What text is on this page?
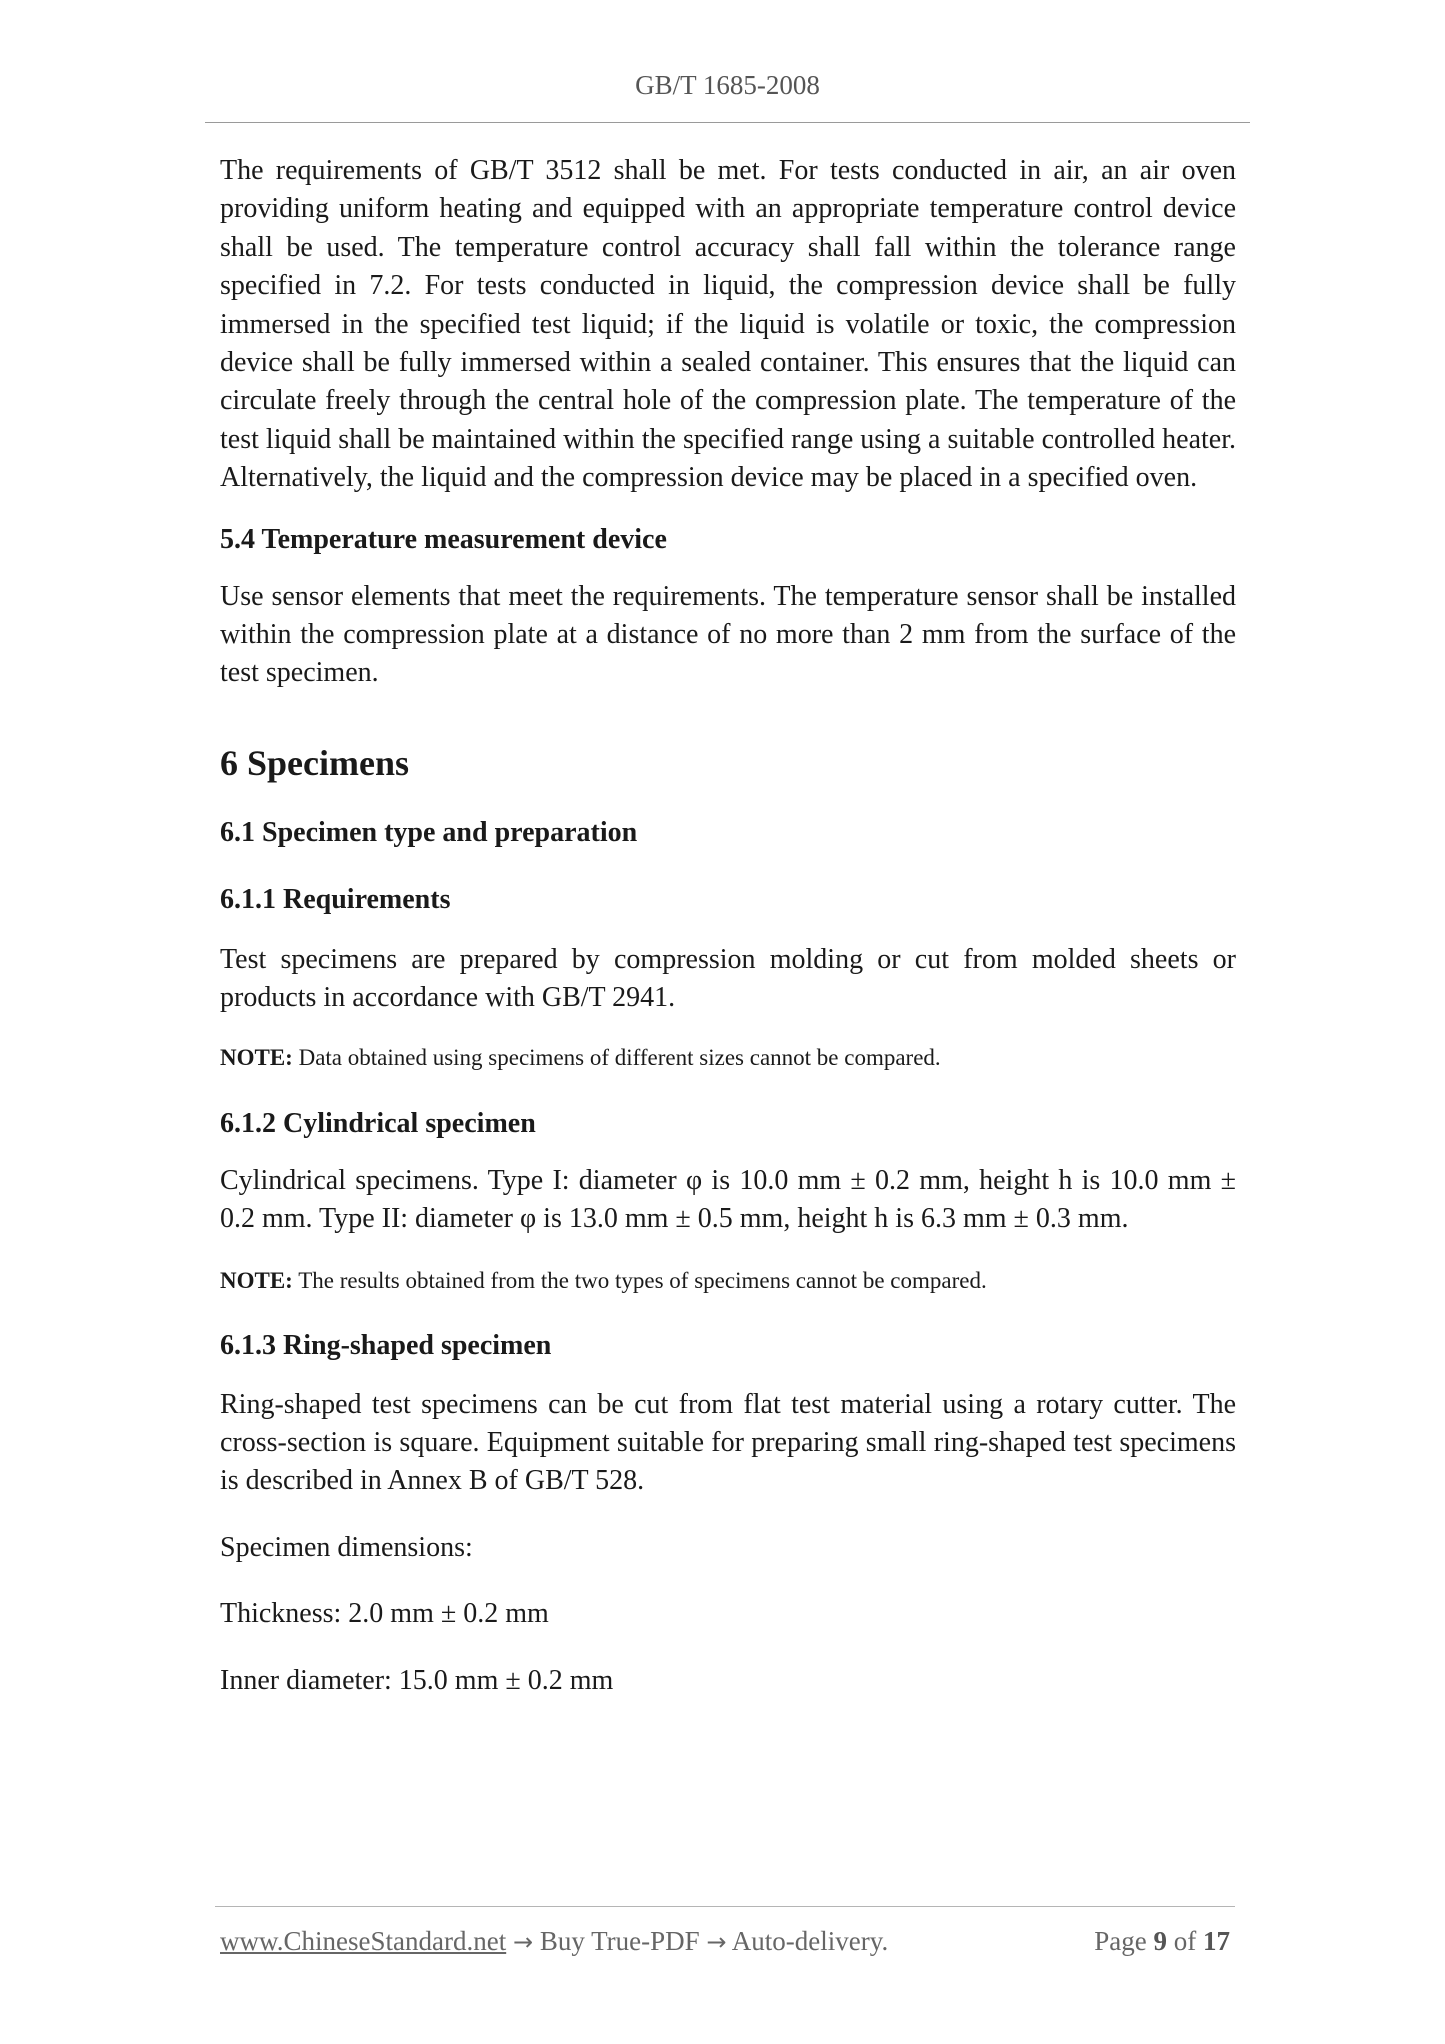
GB/T 1685-2008

The requirements of GB/T 3512 shall be met. For tests conducted in air, an air oven providing uniform heating and equipped with an appropriate temperature control device shall be used. The temperature control accuracy shall fall within the tolerance range specified in 7.2. For tests conducted in liquid, the compression device shall be fully immersed in the specified test liquid; if the liquid is volatile or toxic, the compression device shall be fully immersed within a sealed container. This ensures that the liquid can circulate freely through the central hole of the compression plate. The temperature of the test liquid shall be maintained within the specified range using a suitable controlled heater. Alternatively, the liquid and the compression device may be placed in a specified oven.

5.4 Temperature measurement device

Use sensor elements that meet the requirements. The temperature sensor shall be installed within the compression plate at a distance of no more than 2 mm from the surface of the test specimen.

6 Specimens

6.1 Specimen type and preparation

6.1.1 Requirements

Test specimens are prepared by compression molding or cut from molded sheets or products in accordance with GB/T 2941.

NOTE: Data obtained using specimens of different sizes cannot be compared.

6.1.2 Cylindrical specimen

Cylindrical specimens. Type I: diameter φ is 10.0 mm ± 0.2 mm, height h is 10.0 mm ± 0.2 mm. Type II: diameter φ is 13.0 mm ± 0.5 mm, height h is 6.3 mm ± 0.3 mm.

NOTE: The results obtained from the two types of specimens cannot be compared.

6.1.3 Ring-shaped specimen

Ring-shaped test specimens can be cut from flat test material using a rotary cutter. The cross-section is square. Equipment suitable for preparing small ring-shaped test specimens is described in Annex B of GB/T 528.

Specimen dimensions:

Thickness: 2.0 mm ± 0.2 mm

Inner diameter: 15.0 mm ± 0.2 mm

www.ChineseStandard.net → Buy True-PDF → Auto-delivery.	Page 9 of 17
